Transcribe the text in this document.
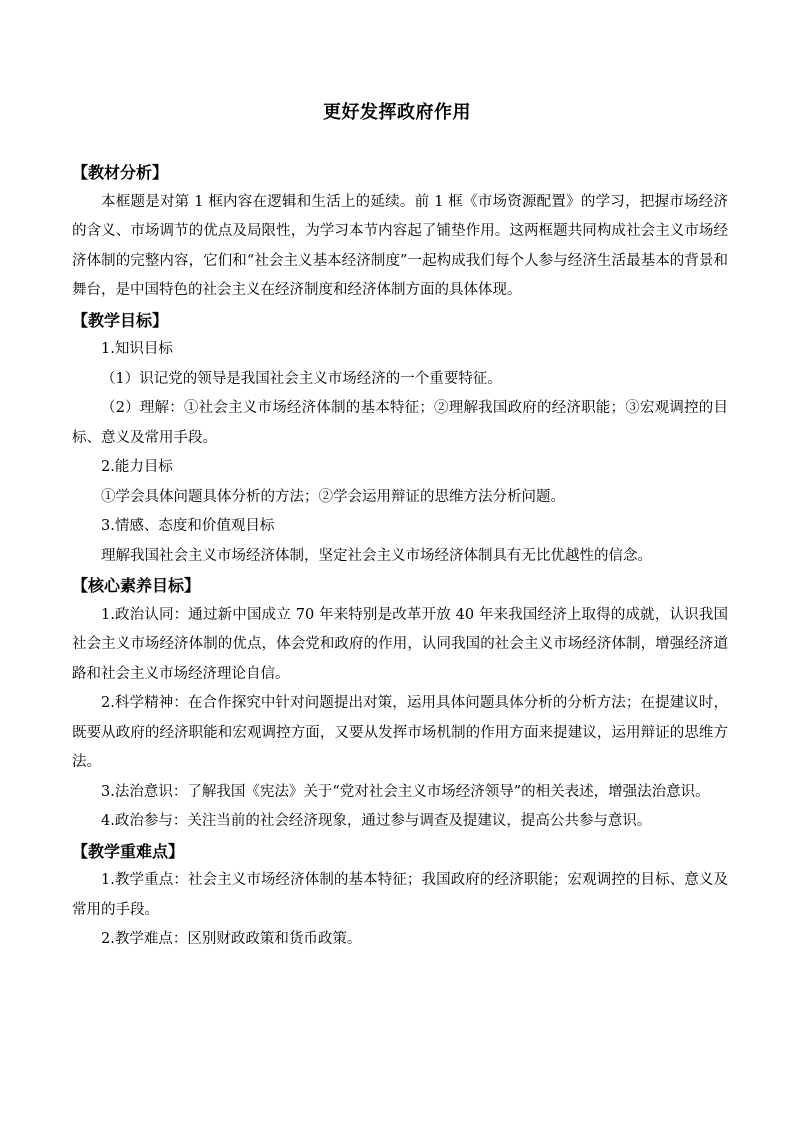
更好发挥政府作用
【教材分析】

本框题是对第 1 框内容在逻辑和生活上的延续。前 1 框《市场资源配置》的学习，把握市场经济的含义、市场调节的优点及局限性，为学习本节内容起了铺垫作用。这两框题共同构成社会主义市场经济体制的完整内容，它们和“社会主义基本经济制度”一起构成我们每个人参与经济生活最基本的背景和舞台，是中国特色的社会主义在经济制度和经济体制方面的具体体现。

【教学目标】

1.知识目标

（1）识记党的领导是我国社会主义市场经济的一个重要特征。

（2）理解：①社会主义市场经济体制的基本特征；②理解我国政府的经济职能；③宏观调控的目标、意义及常用手段。

2.能力目标

①学会具体问题具体分析的方法；②学会运用辩证的思维方法分析问题。

3.情感、态度和价值观目标

理解我国社会主义市场经济体制，坚定社会主义市场经济体制具有无比优越性的信念。

【核心素养目标】

1.政治认同：通过新中国成立 70 年来特别是改革开放 40 年来我国经济上取得的成就，认识我国社会主义市场经济体制的优点，体会党和政府的作用，认同我国的社会主义市场经济体制，增强经济道路和社会主义市场经济理论自信。

2.科学精神：在合作探究中针对问题提出对策，运用具体问题具体分析的分析方法；在提建议时，既要从政府的经济职能和宏观调控方面，又要从发挥市场机制的作用方面来提建议，运用辩证的思维方法。

3.法治意识：了解我国《宪法》关于“党对社会主义市场经济领导”的相关表述，增强法治意识。

4.政治参与：关注当前的社会经济现象，通过参与调查及提建议，提高公共参与意识。

【教学重难点】

1.教学重点：社会主义市场经济体制的基本特征；我国政府的经济职能；宏观调控的目标、意义及常用的手段。

2.教学难点：区别财政政策和货币政策。
